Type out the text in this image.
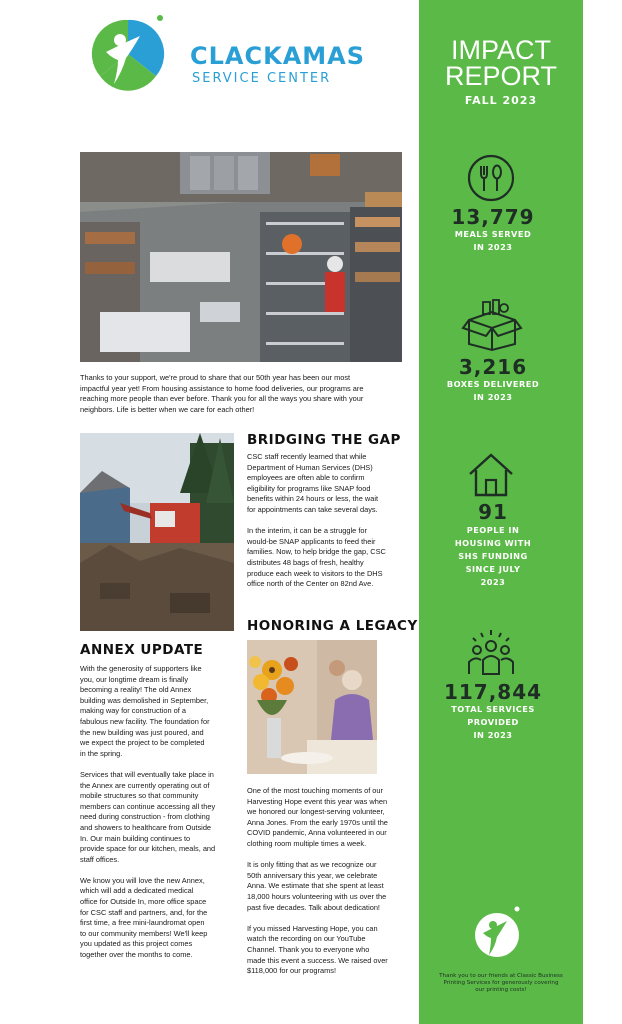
CLACKAMAS
SERVICE CENTER
Thanks to your support, we're proud to share that our 50th year has been our most
impactful year yet! From housing assistance to home food deliveries, our programs are
reaching more people than ever before. Thank you for all the ways you share with your
neighbors. Life is better when we care for each other!
BRIDGING THE GAP

CSC staff recently learned that while
Department of Human Services (DHS)
employees are often able to confirm
eligibility for programs like SNAP food
benefits within 24 hours or less, the wait
for appointments can take several days.

In the interim, it can be a struggle for
would-be SNAP applicants to feed their
families. Now, to help bridge the gap, CSC
distributes 48 bags of fresh, healthy
produce each week to visitors to the DHS
office north of the Center on 82nd Ave.

HONORING A LEGACY

One of the most touching moments of our
Harvesting Hope event this year was when
we honored our longest-serving volunteer,
Anna Jones. From the early 1970s until the
COVID pandemic, Anna volunteered in our
clothing room multiple times a week.

It is only fitting that as we recognize our
50th anniversary this year, we celebrate
Anna. We estimate that she spent at least
18,000 hours volunteering with us over the
past five decades. Talk about dedication!

If you missed Harvesting Hope, you can
watch the recording on our YouTube
Channel. Thank you to everyone who
made this event a success. We raised over
$118,000 for our programs!

ANNEX UPDATE

With the generosity of supporters like
you, our longtime dream is finally
becoming a reality! The old Annex
building was demolished in September,
making way for construction of a
fabulous new facility. The foundation for
the new building was just poured, and
we expect the project to be completed
in the spring.

Services that will eventually take place in
the Annex are currently operating out of
mobile structures so that community
members can continue accessing all they
need during construction - from clothing
and showers to healthcare from Outside
In. Our main building continues to
provide space for our kitchen, meals, and
staff offices.

We know you will love the new Annex,
which will add a dedicated medical
office for Outside In, more office space
for CSC staff and partners, and, for the
first time, a free mini-laundromat open
to our community members! We'll keep
you updated as this project comes
together over the months to come.

IMPACT
REPORT
FALL 2023
13,779
MEALS SERVED
IN 2023
3,216
BOXES DELIVERED
IN 2023
91
PEOPLE IN
HOUSING WITH
SHS FUNDING
SINCE JULY
2023
117,844
TOTAL SERVICES
PROVIDED
IN 2023
Thank you to our friends at Classic Business
Printing Services for generously covering
our printing costs!
